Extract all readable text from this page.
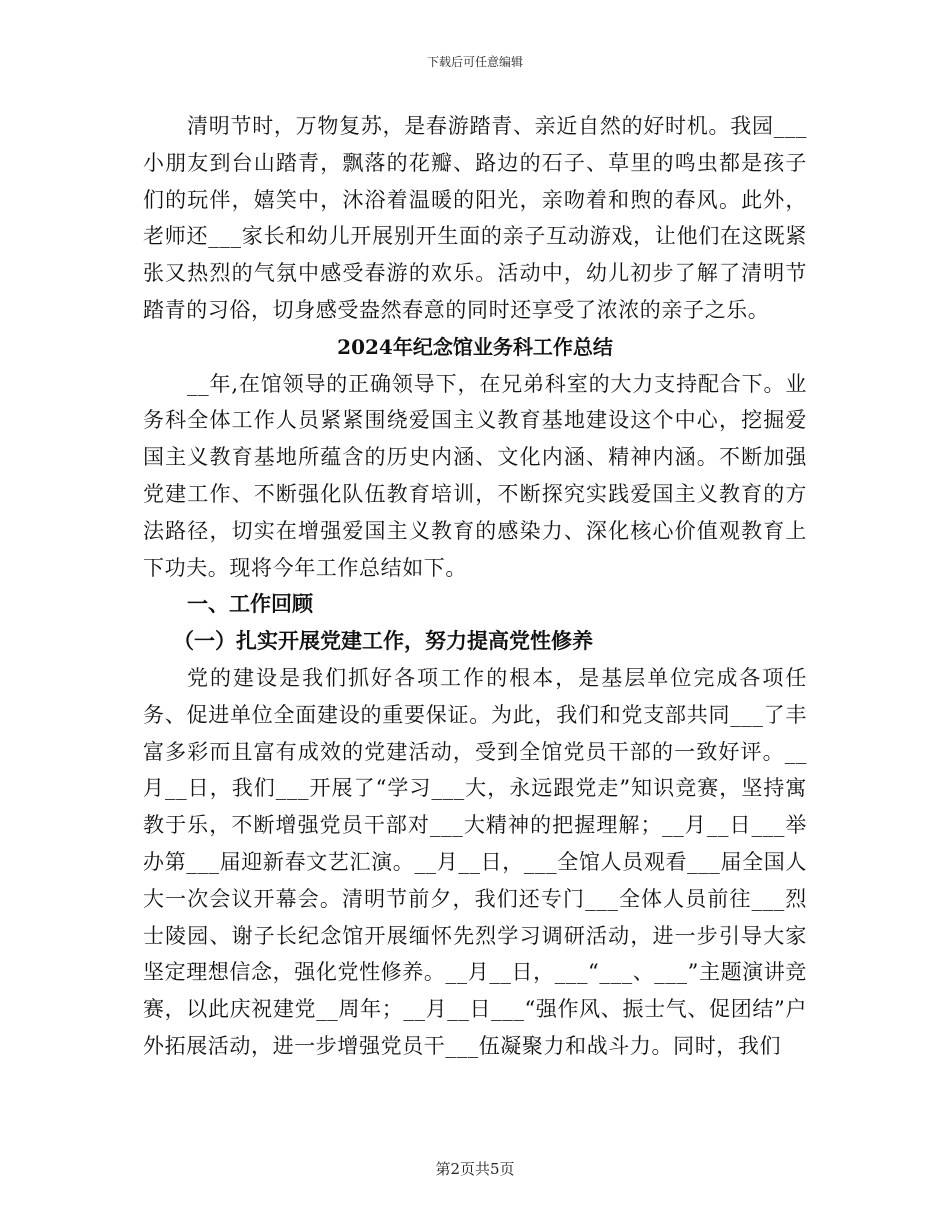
下载后可任意编辑

清明节时，万物复苏，是春游踏青、亲近自然的好时机。我园___小朋友到台山踏青，飘落的花瓣、路边的石子、草里的鸣虫都是孩子们的玩伴，嬉笑中，沐浴着温暖的阳光，亲吻着和煦的春风。此外，老师还___家长和幼儿开展别开生面的亲子互动游戏，让他们在这既紧张又热烈的气氛中感受春游的欢乐。活动中，幼儿初步了解了清明节踏青的习俗，切身感受盎然春意的同时还享受了浓浓的亲子之乐。

2024年纪念馆业务科工作总结

__年,在馆领导的正确领导下，在兄弟科室的大力支持配合下。业务科全体工作人员紧紧围绕爱国主义教育基地建设这个中心，挖掘爱国主义教育基地所蕴含的历史内涵、文化内涵、精神内涵。不断加强党建工作、不断强化队伍教育培训，不断探究实践爱国主义教育的方法路径，切实在增强爱国主义教育的感染力、深化核心价值观教育上下功夫。现将今年工作总结如下。

一、工作回顾

（一）扎实开展党建工作，努力提高党性修养

党的建设是我们抓好各项工作的根本，是基层单位完成各项任务、促进单位全面建设的重要保证。为此，我们和党支部共同___了丰富多彩而且富有成效的党建活动，受到全馆党员干部的一致好评。__月__日，我们___开展了“学习___大，永远跟党走”知识竞赛，坚持寓教于乐，不断增强党员干部对___大精神的把握理解；__月__日___举办第___届迎新春文艺汇演。__月__日，___全馆人员观看___届全国人大一次会议开幕会。清明节前夕，我们还专门___全体人员前往___烈士陵园、谢子长纪念馆开展缅怀先烈学习调研活动，进一步引导大家坚定理想信念，强化党性修养。__月__日，___“___、___”主题演讲竞赛，以此庆祝建党__周年；__月__日___“强作风、振士气、促团结”户外拓展活动，进一步增强党员干___伍凝聚力和战斗力。同时，我们

第2页共5页
